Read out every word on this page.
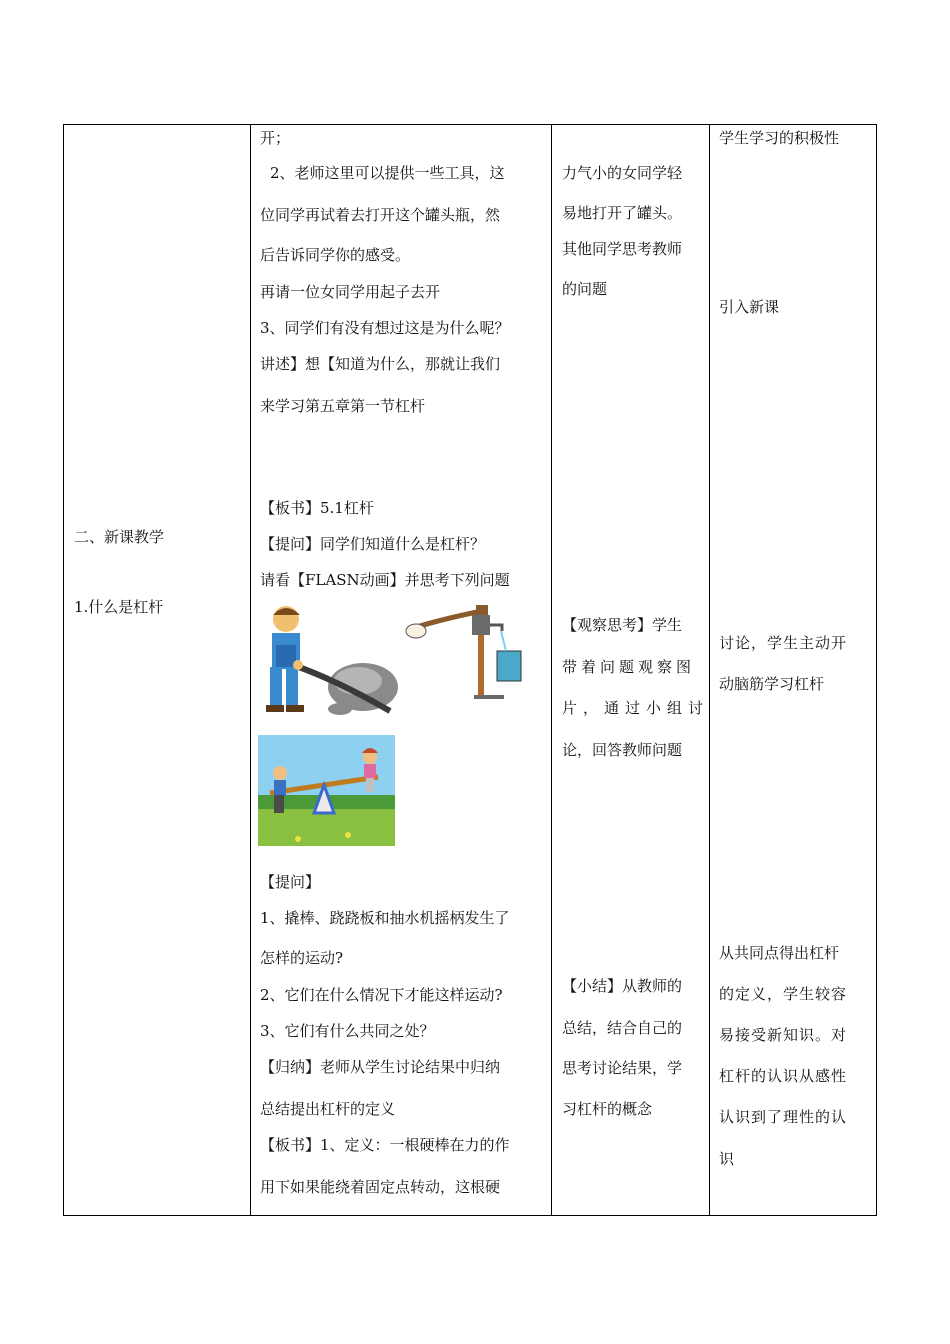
二、新课教学
1.什么是杠杆
开；
2、老师这里可以提供一些工具，这
位同学再试着去打开这个罐头瓶，然
后告诉同学你的感受。
再请一位女同学用起子去开
3、同学们有没有想过这是为什么呢？
讲述】想【知道为什么，那就让我们
来学习第五章第一节杠杆
【板书】5.1杠杆
【提问】同学们知道什么是杠杆？
请看【FLASN动画】并思考下列问题
【提问】
1、撬棒、跷跷板和抽水机摇柄发生了
怎样的运动?
2、它们在什么情况下才能这样运动?
3、它们有什么共同之处？
【归纳】老师从学生讨论结果中归纳
总结提出杠杆的定义
【板书】1、定义：一根硬棒在力的作
用下如果能绕着固定点转动，这根硬
力气小的女同学轻
易地打开了罐头。
其他同学思考教师
的问题
【观察思考】学生
带着问题观察图
片，通过小组讨
论，回答教师问题
【小结】从教师的
总结，结合自己的
思考讨论结果，学
习杠杆的概念
学生学习的积极性
引入新课
讨论，学生主动开
动脑筋学习杠杆
从共同点得出杠杆
的定义，学生较容
易接受新知识。对
杠杆的认识从感性
认识到了理性的认
识
